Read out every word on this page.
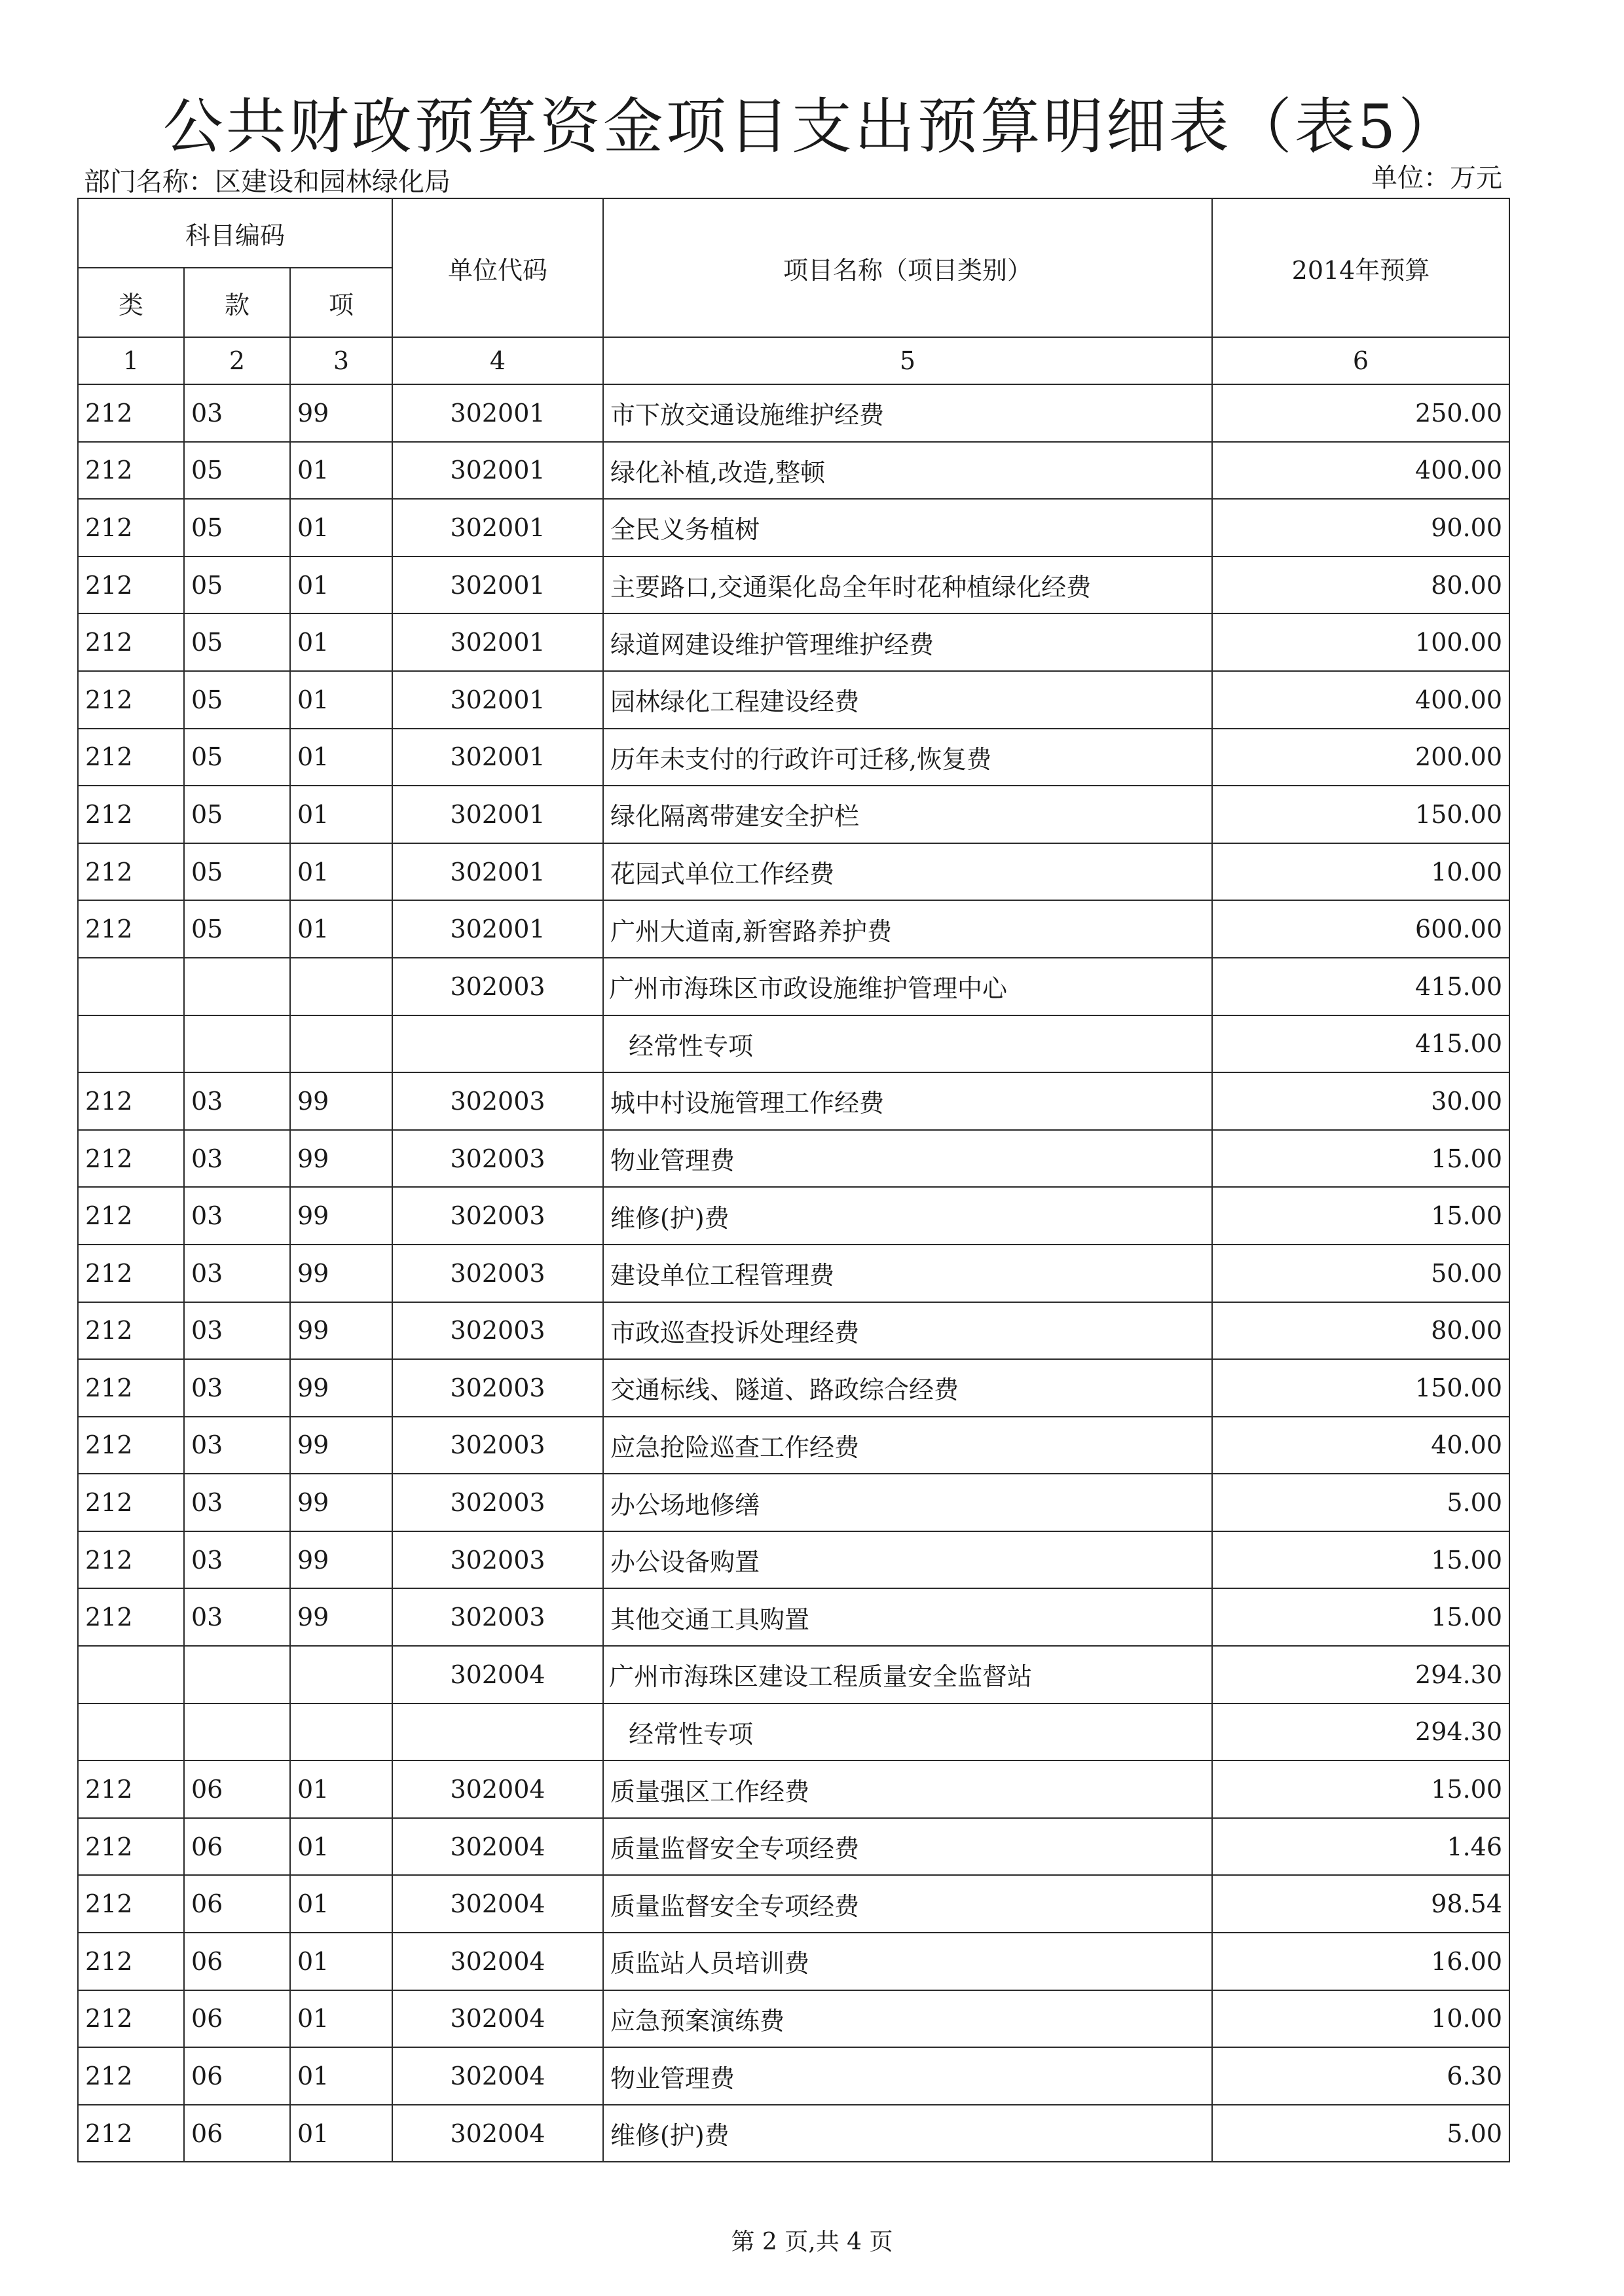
公共财政预算资金项目支出预算明细表（表5）
部门名称：区建设和园林绿化局	单位：万元
科目编码			单位代码	项目名称（项目类别）	2014年预算
类	款	项			
1	2	3	4	5	6
212	03	99	302001	市下放交通设施维护经费	250.00
212	05	01	302001	绿化补植,改造,整顿	400.00
212	05	01	302001	全民义务植树	90.00
212	05	01	302001	主要路口,交通渠化岛全年时花种植绿化经费	80.00
212	05	01	302001	绿道网建设维护管理维护经费	100.00
212	05	01	302001	园林绿化工程建设经费	400.00
212	05	01	302001	历年未支付的行政许可迁移,恢复费	200.00
212	05	01	302001	绿化隔离带建安全护栏	150.00
212	05	01	302001	花园式单位工作经费	10.00
212	05	01	302001	广州大道南,新窖路养护费	600.00
			302003	广州市海珠区市政设施维护管理中心	415.00
				经常性专项	415.00
212	03	99	302003	城中村设施管理工作经费	30.00
212	03	99	302003	物业管理费	15.00
212	03	99	302003	维修(护)费	15.00
212	03	99	302003	建设单位工程管理费	50.00
212	03	99	302003	市政巡查投诉处理经费	80.00
212	03	99	302003	交通标线、隧道、路政综合经费	150.00
212	03	99	302003	应急抢险巡查工作经费	40.00
212	03	99	302003	办公场地修缮	5.00
212	03	99	302003	办公设备购置	15.00
212	03	99	302003	其他交通工具购置	15.00
			302004	广州市海珠区建设工程质量安全监督站	294.30
				经常性专项	294.30
212	06	01	302004	质量强区工作经费	15.00
212	06	01	302004	质量监督安全专项经费	1.46
212	06	01	302004	质量监督安全专项经费	98.54
212	06	01	302004	质监站人员培训费	16.00
212	06	01	302004	应急预案演练费	10.00
212	06	01	302004	物业管理费	6.30
212	06	01	302004	维修(护)费	5.00
第 2 页,共 4 页
